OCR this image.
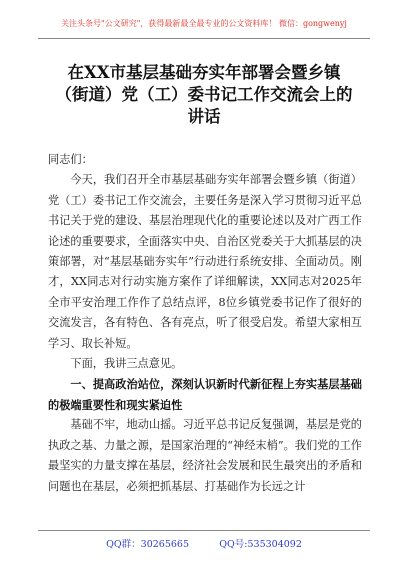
关注头条号"公文研究"，获得最新最全最专业的公文资料库！ 微信：gongwenyj
在XX市基层基础夯实年部署会暨乡镇
（街道）党（工）委书记工作交流会上的
讲话

同志们：

今天，我们召开全市基层基础夯实年部署会暨乡镇（街道）党（工）委书记工作交流会，主要任务是深入学习贯彻习近平总书记关于党的建设、基层治理现代化的重要论述以及对广西工作论述的重要要求，全面落实中央、自治区党委关于大抓基层的决策部署，对“基层基础夯实年”行动进行系统安排、全面动员。刚才，XX同志对行动实施方案作了详细解读，XX同志对2025年全市平安治理工作作了总结点评，8位乡镇党委书记作了很好的交流发言，各有特色、各有亮点，听了很受启发。希望大家相互学习、取长补短。

下面，我讲三点意见。

一、提高政治站位，深刻认识新时代新征程上夯实基层基础的极端重要性和现实紧迫性

基础不牢，地动山摇。习近平总书记反复强调，基层是党的执政之基、力量之源，是国家治理的“神经末梢”。我们党的工作最坚实的力量支撑在基层，经济社会发展和民生最突出的矛盾和问题也在基层，必须把抓基层、打基础作为长远之计

QQ群：30265665          QQ号:535304092
